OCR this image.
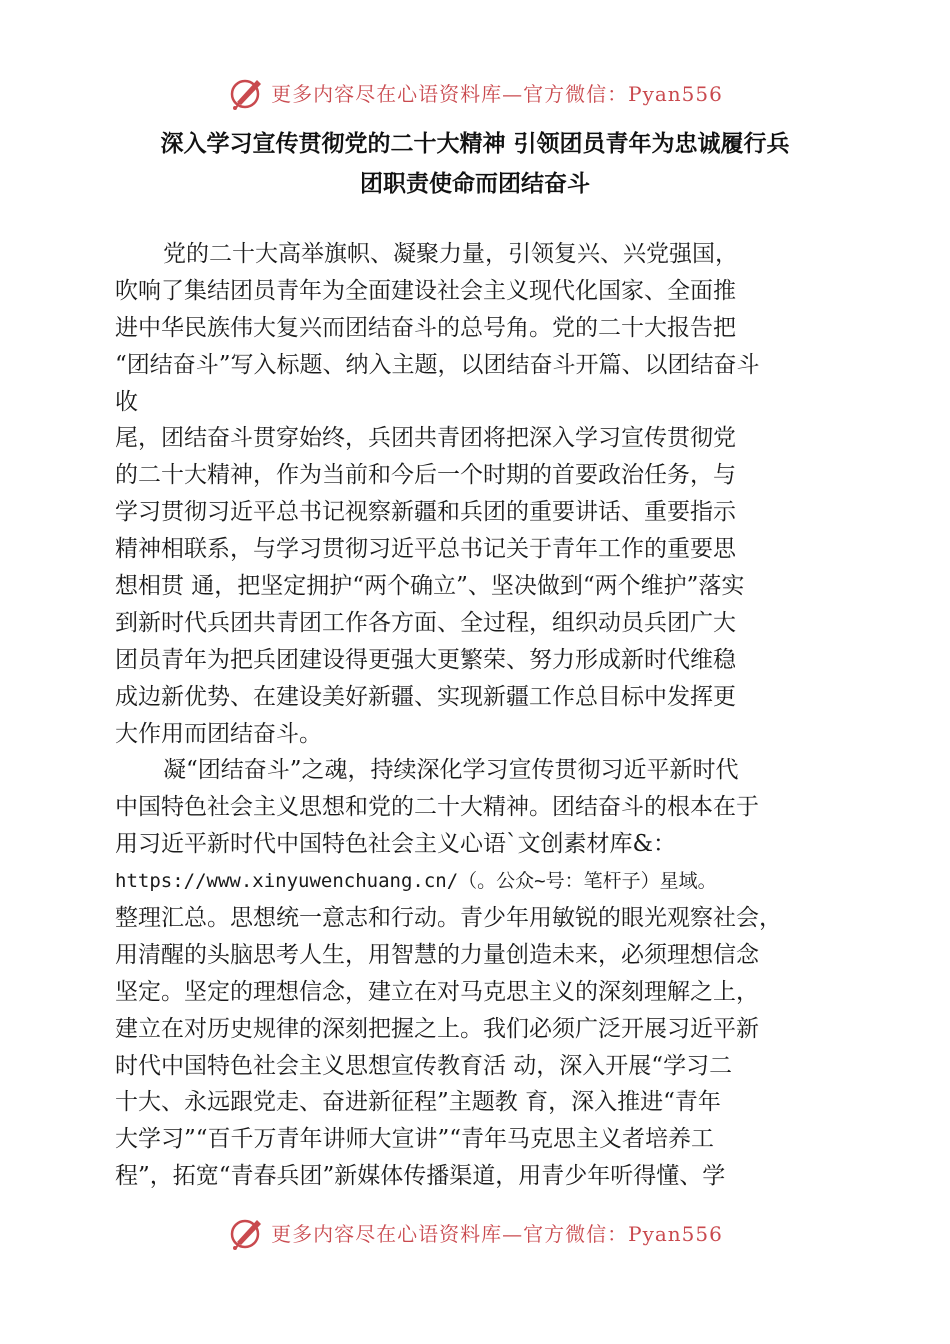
更多内容尽在心语资料库—官方微信：Pyan556
深入学习宣传贯彻党的二十大精神 引领团员青年为忠诚履行兵
团职责使命而团结奋斗
党的二十大高举旗帜、凝聚力量，引领复兴、兴党强国，
吹响了集结团员青年为全面建设社会主义现代化国家、全面推
进中华民族伟大复兴而团结奋斗的总号角。党的二十大报告把
“团结奋斗”写入标题、纳入主题，以团结奋斗开篇、以团结奋斗
收
尾，团结奋斗贯穿始终，兵团共青团将把深入学习宣传贯彻党
的二十大精神，作为当前和今后一个时期的首要政治任务，与
学习贯彻习近平总书记视察新疆和兵团的重要讲话、重要指示
精神相联系，与学习贯彻习近平总书记关于青年工作的重要思
想相贯 通，把坚定拥护“两个确立”、坚决做到“两个维护”落实
到新时代兵团共青团工作各方面、全过程，组织动员兵团广大
团员青年为把兵团建设得更强大更繁荣、努力形成新时代维稳
成边新优势、在建设美好新疆、实现新疆工作总目标中发挥更
大作用而团结奋斗。
凝“团结奋斗”之魂，持续深化学习宣传贯彻习近平新时代
中国特色社会主义思想和党的二十大精神。团结奋斗的根本在于
用习近平新时代中国特色社会主义心语`文创素材库&：
https://www.xinyuwenchuang.cn/（。公众~号：笔杆子）星域。
整理汇总。思想统一意志和行动。青少年用敏锐的眼光观察社会，
用清醒的头脑思考人生，用智慧的力量创造未来，必须理想信念
坚定。坚定的理想信念，建立在对马克思主义的深刻理解之上，
建立在对历史规律的深刻把握之上。我们必须广泛开展习近平新
时代中国特色社会主义思想宣传教育活 动，深入开展“学习二
十大、永远跟党走、奋进新征程”主题教 育，深入推进“青年
大学习”“百千万青年讲师大宣讲”“青年马克思主义者培养工
程”，拓宽“青春兵团”新媒体传播渠道，用青少年听得懂、学
更多内容尽在心语资料库—官方微信：Pyan556
